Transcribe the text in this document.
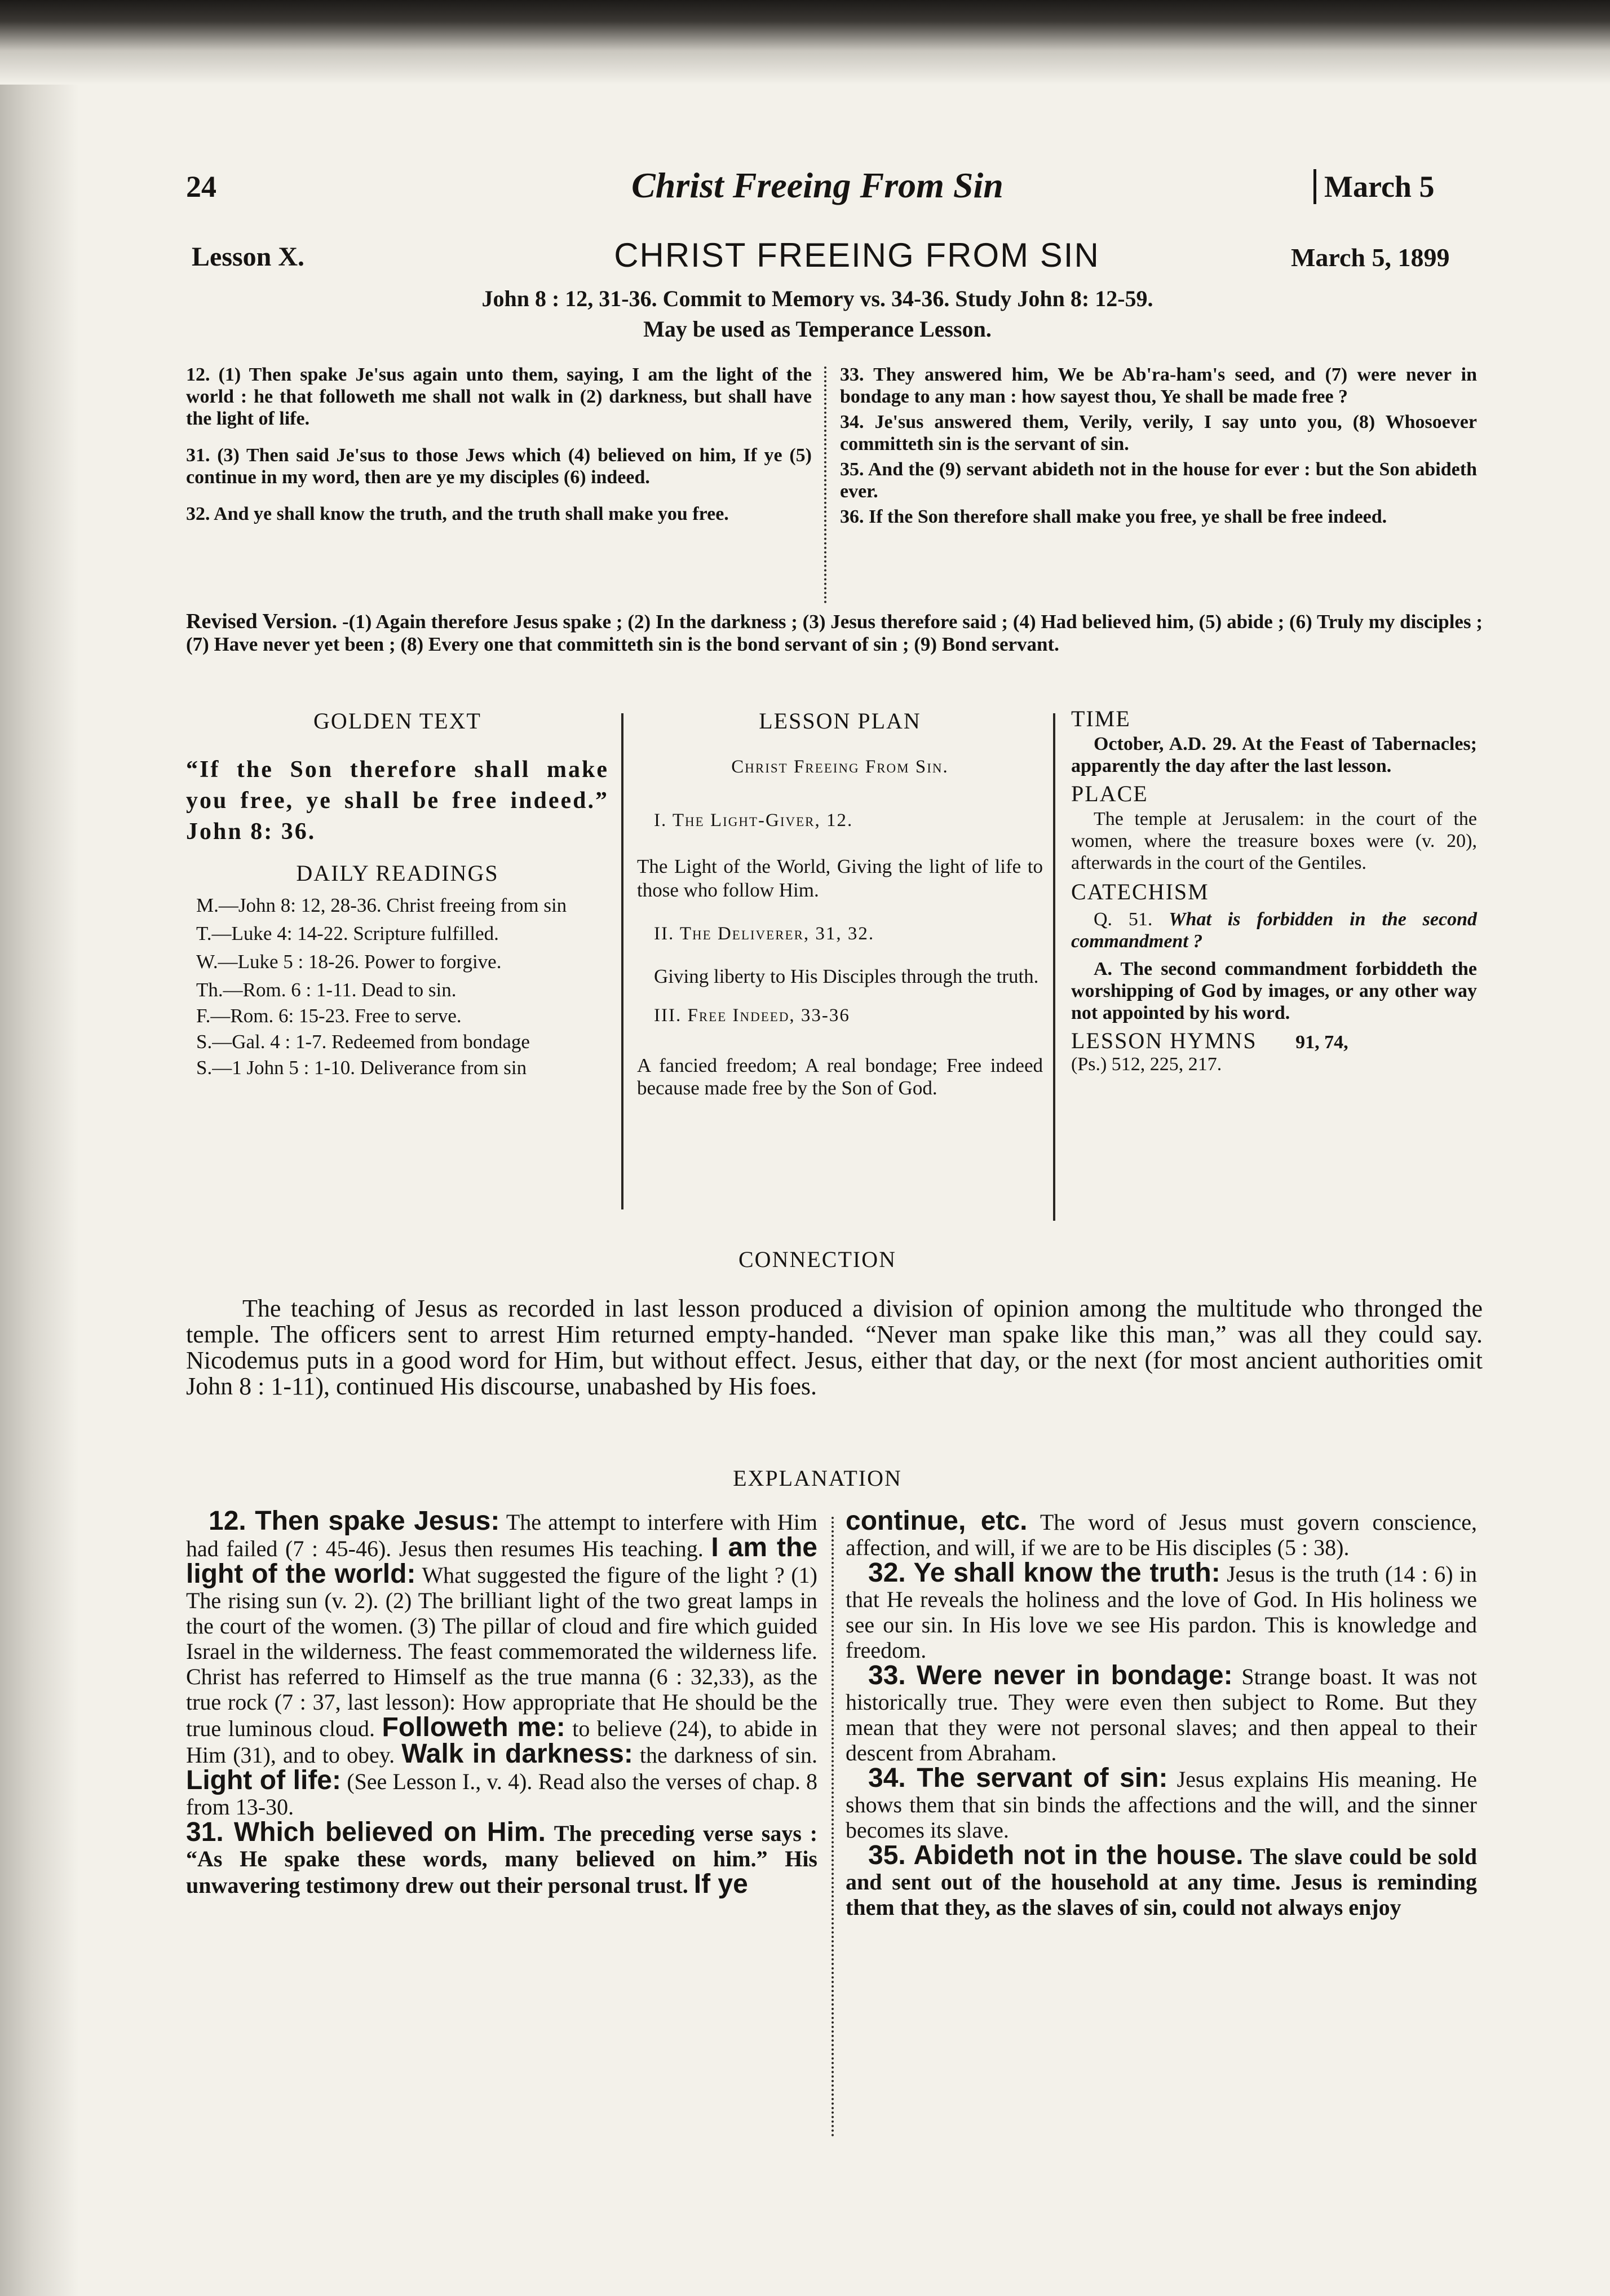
24	Christ Freeing From Sin	March 5
Lesson X.	CHRIST FREEING FROM SIN	March 5, 1899
John 8 : 12, 31-36. Commit to Memory vs. 34-36. Study John 8: 12-59.
May be used as Temperance Lesson.

12. (1) Then spake Je'sus again unto them, saying, I am the light of the world : he that followeth me shall not walk in (2) darkness, but shall have the light of life.

31. (3) Then said Je'sus to those Jews which (4) believed on him, If ye (5) continue in my word, then are ye my disciples (6) indeed.

32. And ye shall know the truth, and the truth shall make you free.

33. They answered him, We be Ab'ra-ham's seed, and (7) were never in bondage to any man : how sayest thou, Ye shall be made free ?

34. Je'sus answered them, Verily, verily, I say unto you, (8) Whosoever committeth sin is the servant of sin.

35. And the (9) servant abideth not in the house for ever : but the Son abideth ever.

36. If the Son therefore shall make you free, ye shall be free indeed.

Revised Version. -(1) Again therefore Jesus spake ; (2) In the darkness ; (3) Jesus therefore said ; (4) Had believed him, (5) abide ; (6) Truly my disciples ; (7) Have never yet been ; (8) Every one that committeth sin is the bond servant of sin ; (9) Bond servant.
GOLDEN TEXT
“If the Son therefore shall make you free, ye shall be free indeed.” John 8: 36.
DAILY READINGS

M.—John 8: 12, 28-36. Christ freeing from sin

T.—Luke 4: 14-22. Scripture fulfilled.

W.—Luke 5 : 18-26. Power to forgive.

Th.—Rom. 6 : 1-11. Dead to sin.

F.—Rom. 6: 15-23. Free to serve.

S.—Gal. 4 : 1-7. Redeemed from bondage

S.—1 John 5 : 1-10. Deliverance from sin

LESSON PLAN
Christ Freeing From Sin.
I. The Light-Giver, 12.
The Light of the World, Giving the light of life to those who follow Him.
II. The Deliverer, 31, 32.
Giving liberty to His Disciples through the truth.
III. Free Indeed, 33-36
A fancied freedom; A real bondage; Free indeed because made free by the Son of God.
TIME
October, A.D. 29. At the Feast of Tabernacles; apparently the day after the last lesson.
PLACE
The temple at Jerusalem: in the court of the women, where the treasure boxes were (v. 20), afterwards in the court of the Gentiles.
CATECHISM
Q. 51. What is forbidden in the second commandment ?
A. The second commandment forbiddeth the worshipping of God by images, or any other way not appointed by his word.
LESSON HYMNS 91, 74,
(Ps.) 512, 225, 217.
CONNECTION
The teaching of Jesus as recorded in last lesson produced a division of opinion among the multitude who thronged the temple. The officers sent to arrest Him returned empty-handed. “Never man spake like this man,” was all they could say. Nicodemus puts in a good word for Him, but without effect. Jesus, either that day, or the next (for most ancient authorities omit John 8 : 1-11), continued His discourse, unabashed by His foes.
EXPLANATION
12. Then spake Jesus: The attempt to interfere with Him had failed (7 : 45-46). Jesus then resumes His teaching. I am the light of the world: What suggested the figure of the light ? (1) The rising sun (v. 2). (2) The brilliant light of the two great lamps in the court of the women. (3) The pillar of cloud and fire which guided Israel in the wilderness. The feast commemorated the wilderness life. Christ has referred to Himself as the true manna (6 : 32,33), as the true rock (7 : 37, last lesson): How appropriate that He should be the true luminous cloud. Followeth me: to believe (24), to abide in Him (31), and to obey. Walk in darkness: the darkness of sin. Light of life: (See Lesson I., v. 4). Read also the verses of chap. 8 from 13-30.
31. Which believed on Him. The preceding verse says : “As He spake these words, many believed on him.” His unwavering testimony drew out their personal trust. If ye
continue, etc. The word of Jesus must govern conscience, affection, and will, if we are to be His disciples (5 : 38).
32. Ye shall know the truth: Jesus is the truth (14 : 6) in that He reveals the holiness and the love of God. In His holiness we see our sin. In His love we see His pardon. This is knowledge and freedom.
33. Were never in bondage: Strange boast. It was not historically true. They were even then subject to Rome. But they mean that they were not personal slaves; and then appeal to their descent from Abraham.
34. The servant of sin: Jesus explains His meaning. He shows them that sin binds the affections and the will, and the sinner becomes its slave.
35. Abideth not in the house. The slave could be sold and sent out of the household at any time. Jesus is reminding them that they, as the slaves of sin, could not always enjoy
